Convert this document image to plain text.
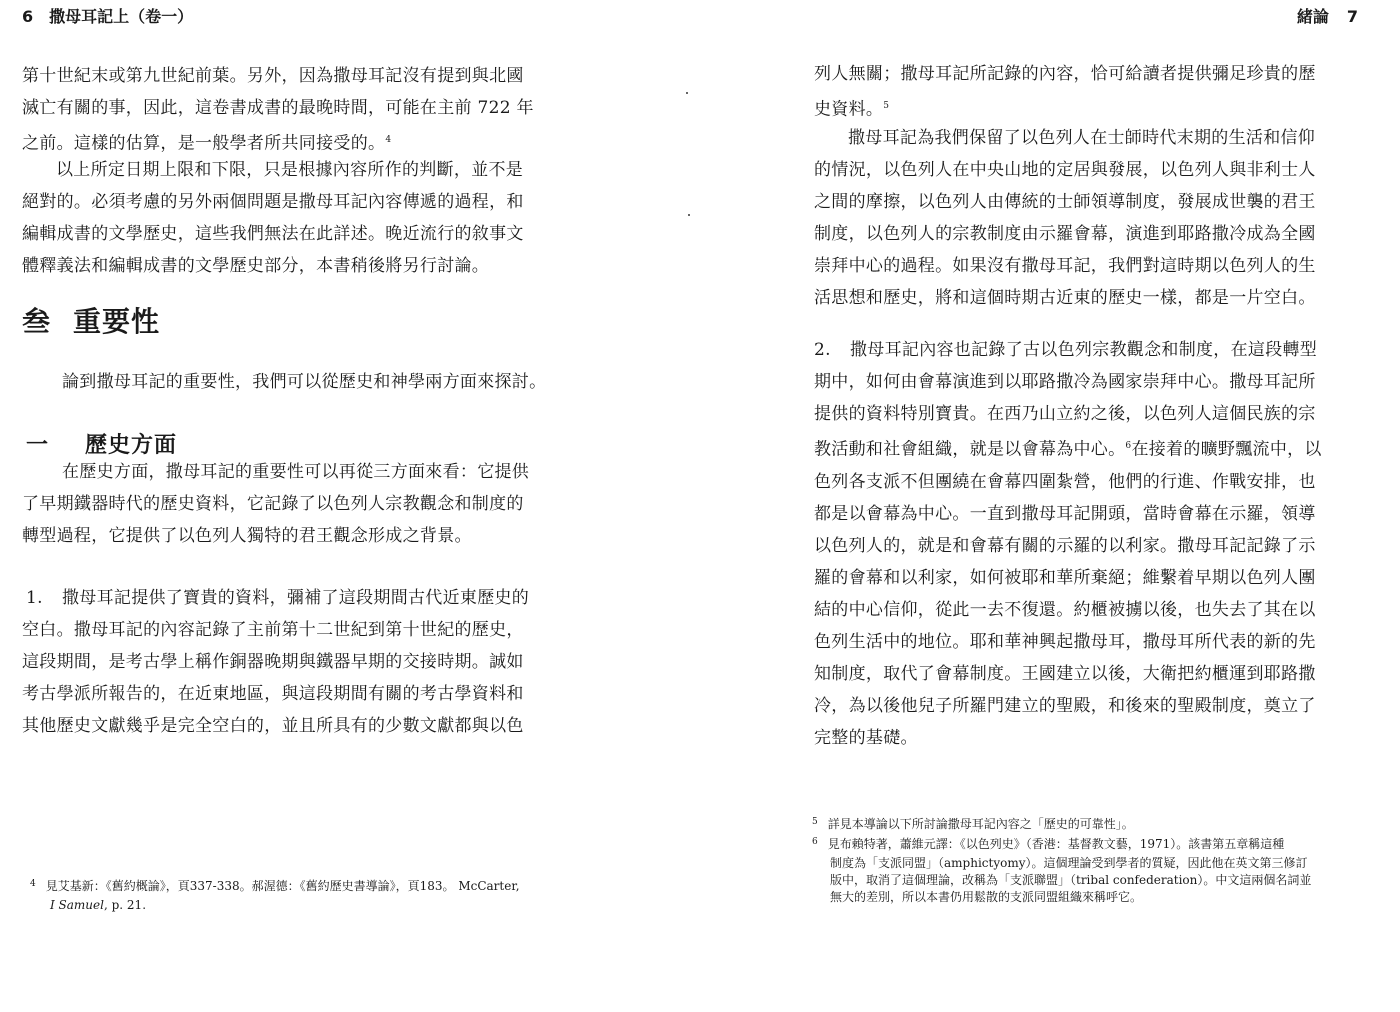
6 撒母耳記上（卷一）

第十世紀末或第九世紀前葉。另外，因為撒母耳記沒有提到與北國

滅亡有關的事，因此，這卷書成書的最晚時間，可能在主前 722 年

之前。這樣的估算，是一般學者所共同接受的。$^4$

以上所定日期上限和下限，只是根據內容所作的判斷，並不是

絕對的。必須考慮的另外兩個問題是撒母耳記內容傳遞的過程，和

編輯成書的文學歷史，這些我們無法在此詳述。晚近流行的敘事文

體釋義法和編輯成書的文學歷史部分，本書稍後將另行討論。

叁 重要性

論到撒母耳記的重要性，我們可以從歷史和神學兩方面來探討。

一 歷史方面

在歷史方面，撒母耳記的重要性可以再從三方面來看：它提供

了早期鐵器時代的歷史資料，它記錄了以色列人宗教觀念和制度的

轉型過程，它提供了以色列人獨特的君王觀念形成之背景。

1. 撒母耳記提供了寶貴的資料，彌補了這段期間古代近東歷史的

空白。撒母耳記的內容記錄了主前第十二世紀到第十世紀的歷史，

這段期間，是考古學上稱作銅器晚期與鐵器早期的交接時期。誠如

考古學派所報告的，在近東地區，與這段期間有關的考古學資料和

其他歷史文獻幾乎是完全空白的，並且所具有的少數文獻都與以色

$^4$ 見艾基新：《舊約概論》，頁337-338。郝渥德：《舊約歷史書導論》，頁183。 McCarter,
I Samuel, p. 21.
緒論 7

列人無關；撒母耳記所記錄的內容，恰可給讀者提供彌足珍貴的歷

史資料。$^5$

撒母耳記為我們保留了以色列人在士師時代末期的生活和信仰

的情況，以色列人在中央山地的定居與發展，以色列人與非利士人

之間的摩擦，以色列人由傳統的士師領導制度，發展成世襲的君王

制度，以色列人的宗教制度由示羅會幕，演進到耶路撒冷成為全國

崇拜中心的過程。如果沒有撒母耳記，我們對這時期以色列人的生

活思想和歷史，將和這個時期古近東的歷史一樣，都是一片空白。

2. 撒母耳記內容也記錄了古以色列宗教觀念和制度，在這段轉型

期中，如何由會幕演進到以耶路撒冷為國家崇拜中心。撒母耳記所

提供的資料特別寶貴。在西乃山立約之後，以色列人這個民族的宗

教活動和社會組織，就是以會幕為中心。$^6$在接着的曠野飄流中，以

色列各支派不但團繞在會幕四圍紮營，他們的行進、作戰安排，也

都是以會幕為中心。一直到撒母耳記開頭，當時會幕在示羅，領導

以色列人的，就是和會幕有關的示羅的以利家。撒母耳記記錄了示

羅的會幕和以利家，如何被耶和華所棄絕；維繫着早期以色列人團

結的中心信仰，從此一去不復還。約櫃被擄以後，也失去了其在以

色列生活中的地位。耶和華神興起撒母耳，撒母耳所代表的新的先

知制度，取代了會幕制度。王國建立以後，大衛把約櫃運到耶路撒

冷，為以後他兒子所羅門建立的聖殿，和後來的聖殿制度，奠立了

完整的基礎。

$^5$ 詳見本導論以下所討論撒母耳記內容之「歷史的可靠性」。
$^6$ 見布賴特著，蕭維元譯：《以色列史》（香港：基督教文藝，1971）。該書第五章稱這種
制度為「支派同盟」（amphictyomy）。這個理論受到學者的質疑，因此他在英文第三修訂
版中，取消了這個理論，改稱為「支派聯盟」（tribal confederation）。中文這兩個名詞並
無大的差別，所以本書仍用鬆散的支派同盟組織來稱呼它。
